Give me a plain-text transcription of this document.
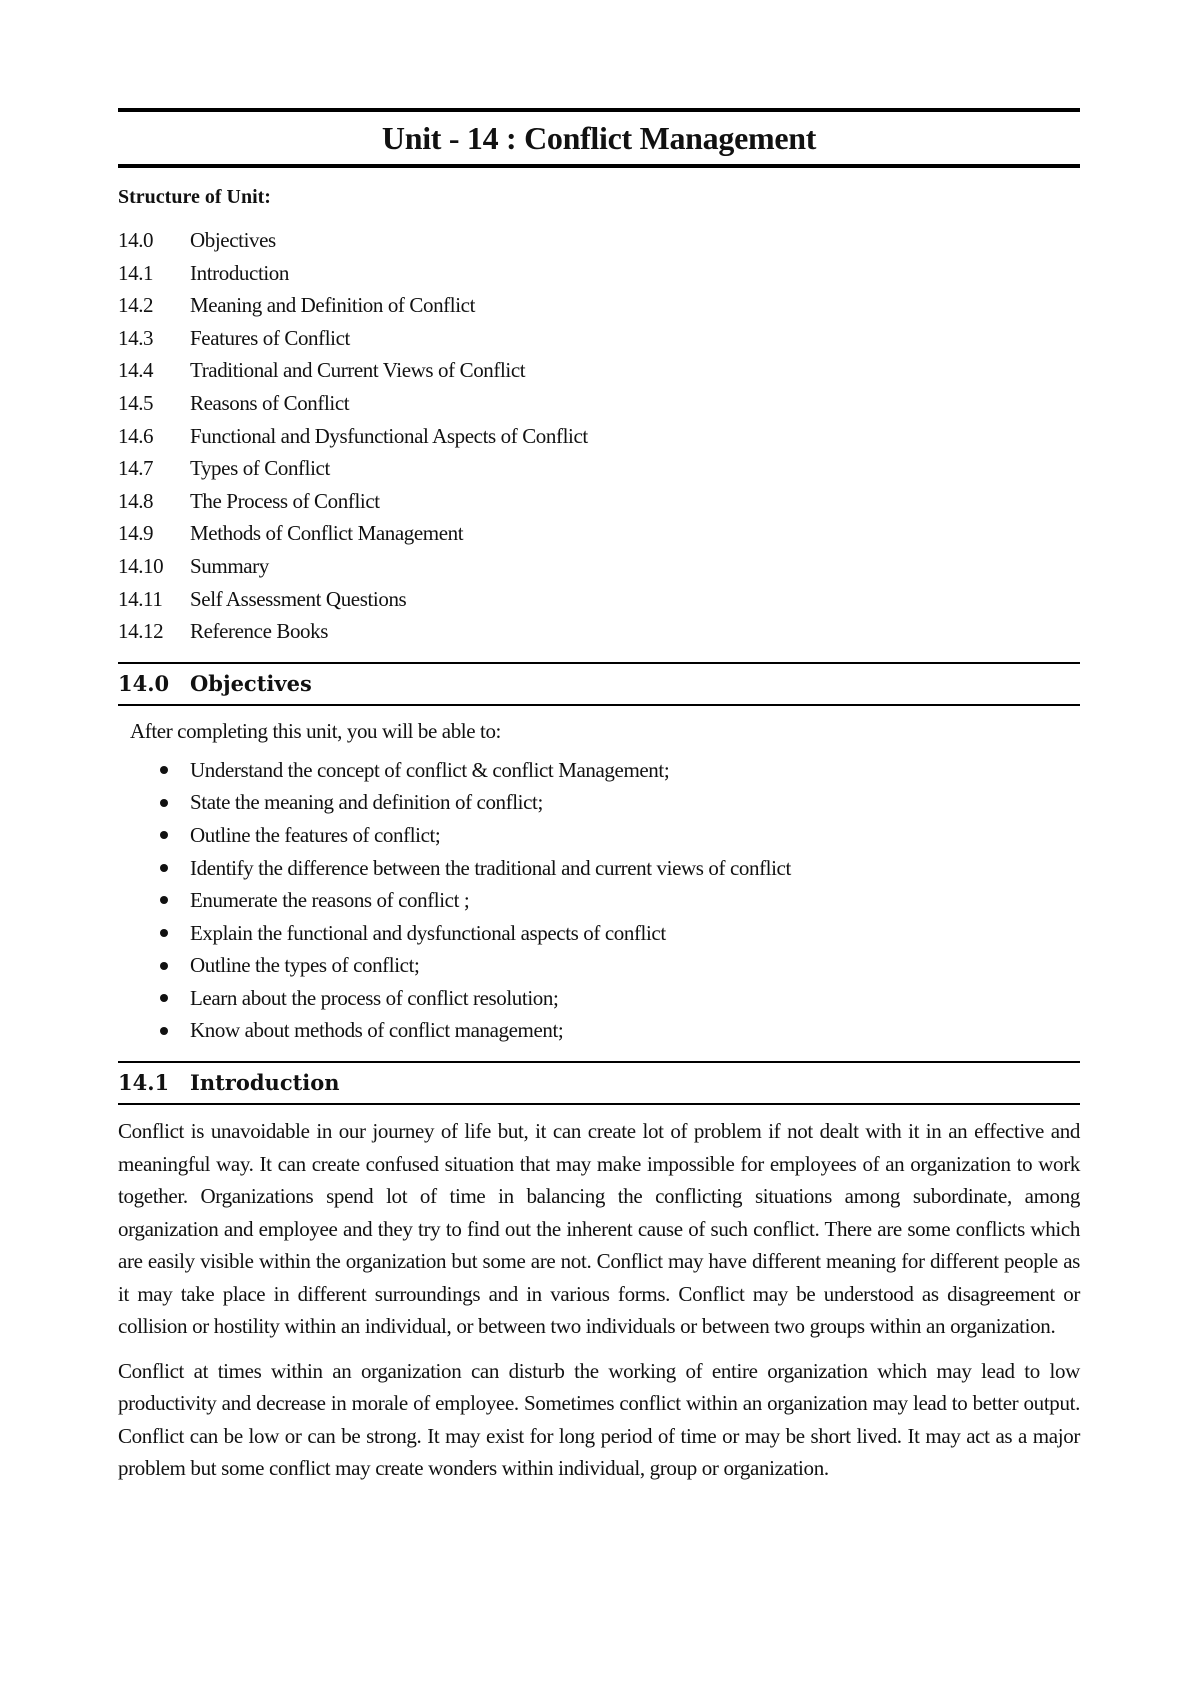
Unit - 14 : Conflict Management
Structure of Unit:
14.0	Objectives
14.1	Introduction
14.2	Meaning and Definition of Conflict
14.3	Features of Conflict
14.4	Traditional and Current Views of Conflict
14.5	Reasons of Conflict
14.6	Functional and Dysfunctional Aspects of Conflict
14.7	Types of Conflict
14.8	The Process of Conflict
14.9	Methods of Conflict Management
14.10	Summary
14.11	Self Assessment Questions
14.12	Reference Books
14.0 Objectives

After completing this unit, you will be able to:

Understand the concept of conflict & conflict Management;
State the meaning and definition of conflict;
Outline the features of conflict;
Identify the difference between the traditional and current views of conflict
Enumerate the reasons of conflict ;
Explain the functional and dysfunctional aspects of conflict
Outline the types of conflict;
Learn about the process of conflict resolution;
Know about methods of conflict management;
14.1 Introduction

Conflict is unavoidable in our journey of life but, it can create lot of problem if not dealt with it in an effective and meaningful way. It can create confused situation that may make impossible for employees of an organization to work together. Organizations spend lot of time in balancing the conflicting situations among subordinate, among organization and employee and they try to find out the inherent cause of such conflict. There are some conflicts which are easily visible within the organization but some are not. Conflict may have different meaning for different people as it may take place in different surroundings and in various forms. Conflict may be understood as disagreement or collision or hostility within an individual, or between two individuals or between two groups within an organization.

Conflict at times within an organization can disturb the working of entire organization which may lead to low productivity and decrease in morale of employee. Sometimes conflict within an organization may lead to better output. Conflict can be low or can be strong. It may exist for long period of time or may be short lived. It may act as a major problem but some conflict may create wonders within individual, group or organization.
